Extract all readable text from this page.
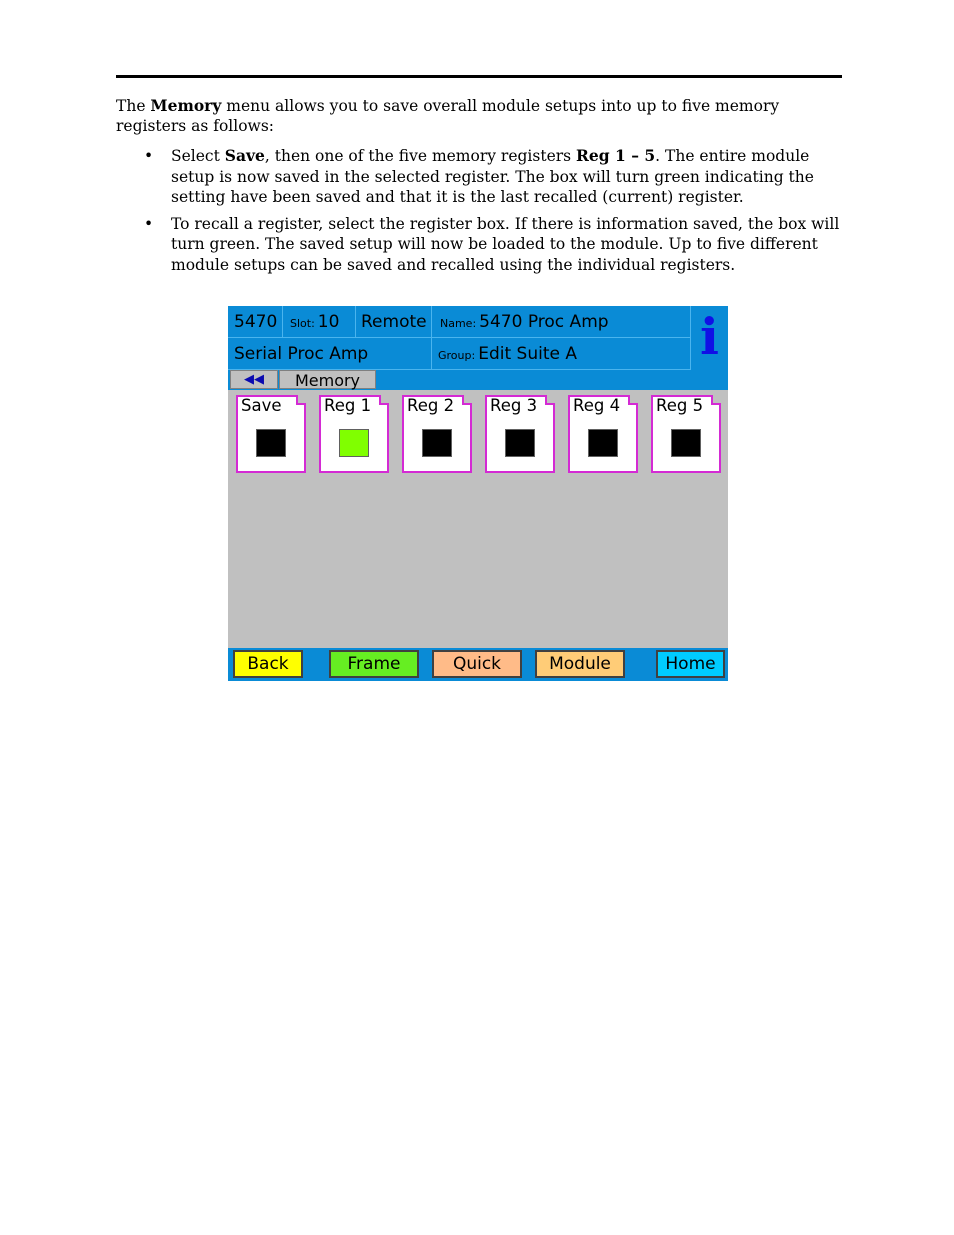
The Memory menu allows you to save overall module setups into up to five memory registers as follows:
• Select Save, then one of the five memory registers Reg 1 – 5. The entire module setup is now saved in the selected register. The box will turn green indicating the setting have been saved and that it is the last recalled (current) register.
• To recall a register, select the register box. If there is information saved, the box will turn green. The saved setup will now be loaded to the module. Up to five different module setups can be saved and recalled using the individual registers.
5470	Slot: 10	Remote	Name: 5470 Proc Amp
Serial Proc Amp	Group: Edit Suite A	i
◀◀	Memory
Save	Reg 1 Reg 2 Reg 3 Reg 4 Reg 5
Back	Frame	Quick	Module	Home
